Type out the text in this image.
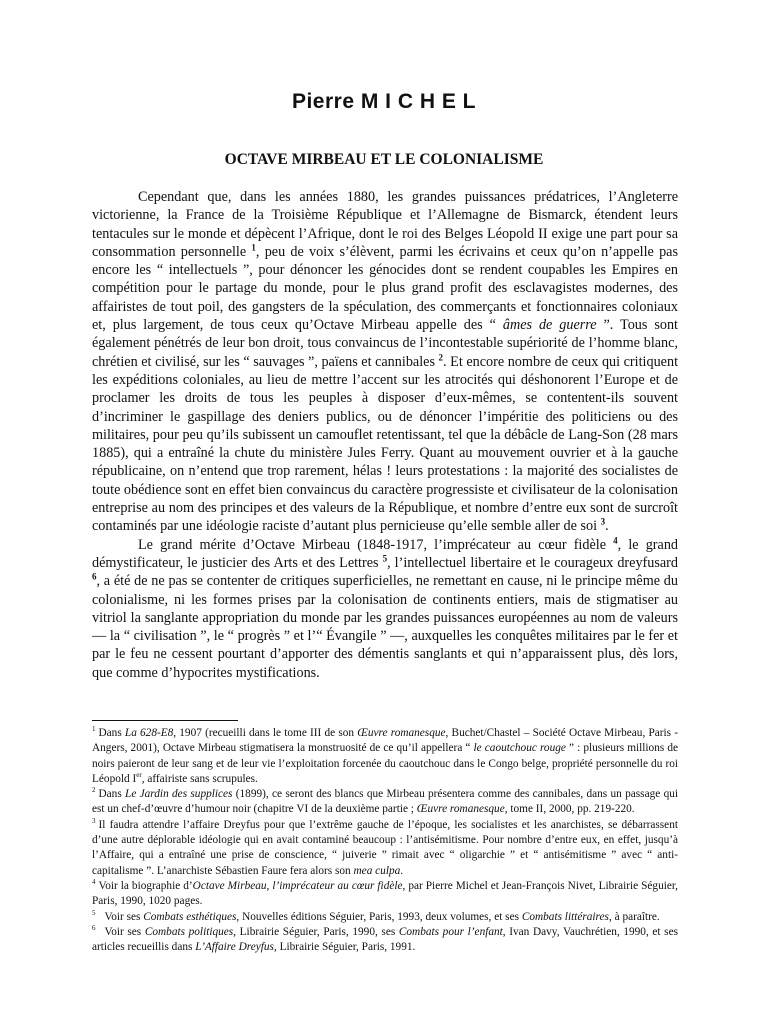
Pierre M I C H E L
OCTAVE MIRBEAU ET LE COLONIALISME

Cependant que, dans les années 1880, les grandes puissances prédatrices, l’Angleterre victorienne, la France de la Troisième République et l’Allemagne de Bismarck, étendent leurs tentacules sur le monde et dépècent l’Afrique, dont le roi des Belges Léopold II exige une part pour sa consommation personnelle $^1$, peu de voix s’élèvent, parmi les écrivains et ceux qu’on n’appelle pas encore les “ intellectuels ”, pour dénoncer les génocides dont se rendent coupables les Empires en compétition pour le partage du monde, pour le plus grand profit des esclavagistes modernes, des affairistes de tout poil, des gangsters de la spéculation, des commerçants et fonctionnaires coloniaux et, plus largement, de tous ceux qu’Octave Mirbeau appelle des “ âmes de guerre ”. Tous sont également pénétrés de leur bon droit, tous convaincus de l’incontestable supériorité de l’homme blanc, chrétien et civilisé, sur les “ sauvages ”, païens et cannibales $^2$. Et encore nombre de ceux qui critiquent les expéditions coloniales, au lieu de mettre l’accent sur les atrocités qui déshonorent l’Europe et de proclamer les droits de tous les peuples à disposer d’eux-mêmes, se contentent-ils souvent d’incriminer le gaspillage des deniers publics, ou de dénoncer l’impéritie des politiciens ou des militaires, pour peu qu’ils subissent un camouflet retentissant, tel que la débâcle de Lang-Son (28 mars 1885), qui a entraîné la chute du ministère Jules Ferry. Quant au mouvement ouvrier et à la gauche républicaine, on n’entend que trop rarement, hélas ! leurs protestations : la majorité des socialistes de toute obédience sont en effet bien convaincus du caractère progressiste et civilisateur de la colonisation entreprise au nom des principes et des valeurs de la République, et nombre d’entre eux sont de surcroît contaminés par une idéologie raciste d’autant plus pernicieuse qu’elle semble aller de soi $^3$.

Le grand mérite d’Octave Mirbeau (1848-1917, l’imprécateur au cœur fidèle $^4$, le grand démystificateur, le justicier des Arts et des Lettres $^5$, l’intellectuel libertaire et le courageux dreyfusard $^6$, a été de ne pas se contenter de critiques superficielles, ne remettant en cause, ni le principe même du colonialisme, ni les formes prises par la colonisation de continents entiers, mais de stigmatiser au vitriol la sanglante appropriation du monde par les grandes puissances européennes au nom de valeurs — la “ civilisation ”, le “ progrès ” et l’“ Évangile ” —, auxquelles les conquêtes militaires par le fer et par le feu ne cessent pourtant d’apporter des démentis sanglants et qui n’apparaissent plus, dès lors, que comme d’hypocrites mystifications.

$^1$ Dans La 628-E8, 1907 (recueilli dans le tome III de son Œuvre romanesque, Buchet/Chastel – Société Octave Mirbeau, Paris - Angers, 2001), Octave Mirbeau stigmatisera la monstruosité de ce qu’il appellera “ le caoutchouc rouge ” : plusieurs millions de noirs paieront de leur sang et de leur vie l’exploitation forcenée du caoutchouc dans le Congo belge, propriété personnelle du roi Léopold Ier, affairiste sans scrupules.

$^2$ Dans Le Jardin des supplices (1899), ce seront des blancs que Mirbeau présentera comme des cannibales, dans un passage qui est un chef-d’œuvre d’humour noir (chapitre VI de la deuxième partie ; Œuvre romanesque, tome II, 2000, pp. 219-220.

$^3$ Il faudra attendre l’affaire Dreyfus pour que l’extrême gauche de l’époque, les socialistes et les anarchistes, se débarrassent d’une autre déplorable idéologie qui en avait contaminé beaucoup : l’antisémitisme. Pour nombre d’entre eux, en effet, jusqu’à l’Affaire, qui a entraîné une prise de conscience, “ juiverie ” rimait avec “ oligarchie ” et “ antisémitisme ” avec “ anti-capitalisme ”. L’anarchiste Sébastien Faure fera alors son mea culpa.

$^4$ Voir la biographie d’Octave Mirbeau, l’imprécateur au cœur fidèle, par Pierre Michel et Jean-François Nivet, Librairie Séguier, Paris, 1990, 1020 pages.

$^5$ Voir ses Combats esthétiques, Nouvelles éditions Séguier, Paris, 1993, deux volumes, et ses Combats littéraires, à paraître.

$^6$ Voir ses Combats politiques, Librairie Séguier, Paris, 1990, ses Combats pour l’enfant, Ivan Davy, Vauchrétien, 1990, et ses articles recueillis dans L’Affaire Dreyfus, Librairie Séguier, Paris, 1991.
